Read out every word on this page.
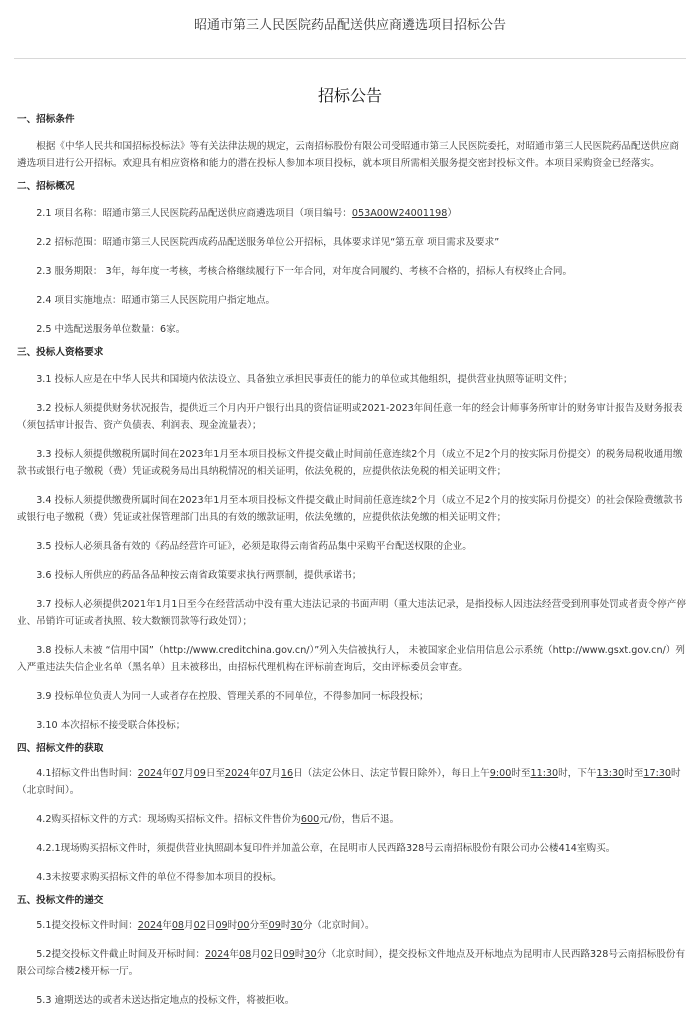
昭通市第三人民医院药品配送供应商遴选项目招标公告
招标公告
一、招标条件
根据《中华人民共和国招标投标法》等有关法律法规的规定，云南招标股份有限公司受昭通市第三人民医院委托，对昭通市第三人民医院药品配送供应商遴选项目进行公开招标。欢迎具有相应资格和能力的潜在投标人参加本项目投标，就本项目所需相关服务提交密封投标文件。本项目采购资金已经落实。
二、招标概况
2.1 项目名称：昭通市第三人民医院药品配送供应商遴选项目（项目编号：053A00W24001198）
2.2 招标范围：昭通市第三人民医院西成药品配送服务单位公开招标，具体要求详见“第五章 项目需求及要求”
2.3 服务期限： 3年，每年度一考核，考核合格继续履行下一年合同，对年度合同履约、考核不合格的，招标人有权终止合同。
2.4 项目实施地点：昭通市第三人民医院用户指定地点。
2.5 中选配送服务单位数量：6家。
三、投标人资格要求
3.1 投标人应是在中华人民共和国境内依法设立、具备独立承担民事责任的能力的单位或其他组织，提供营业执照等证明文件；
3.2 投标人须提供财务状况报告，提供近三个月内开户银行出具的资信证明或2021-2023年间任意一年的经会计师事务所审计的财务审计报告及财务报表（须包括审计报告、资产负债表、利润表、现金流量表）；
3.3 投标人须提供缴税所属时间在2023年1月至本项目投标文件提交截止时间前任意连续2个月（成立不足2个月的按实际月份提交）的税务局税收通用缴款书或银行电子缴税（费）凭证或税务局出具纳税情况的相关证明，依法免税的，应提供依法免税的相关证明文件；
3.4 投标人须提供缴费所属时间在2023年1月至本项目投标文件提交截止时间前任意连续2个月（成立不足2个月的按实际月份提交）的社会保险费缴款书或银行电子缴税（费）凭证或社保管理部门出具的有效的缴款证明，依法免缴的，应提供依法免缴的相关证明文件；
3.5 投标人必须具备有效的《药品经营许可证》，必须是取得云南省药品集中采购平台配送权限的企业。
3.6 投标人所供应的药品各品种按云南省政策要求执行两票制，提供承诺书；
3.7 投标人必须提供2021年1月1日至今在经营活动中没有重大违法记录的书面声明（重大违法记录，是指投标人因违法经营受到刑事处罚或者责令停产停业、吊销许可证或者执照、较大数额罚款等行政处罚）；
3.8 投标人未被 “信用中国”（http://www.creditchina.gov.cn/）”列入失信被执行人， 未被国家企业信用信息公示系统（http://www.gsxt.gov.cn/）列入严重违法失信企业名单（黑名单）且未被移出，由招标代理机构在评标前查询后，交由评标委员会审查。
3.9 投标单位负责人为同一人或者存在控股、管理关系的不同单位，不得参加同一标段投标；
3.10 本次招标不接受联合体投标；
四、招标文件的获取
4.1招标文件出售时间：2024年07月09日至2024年07月16日（法定公休日、法定节假日除外），每日上午9:00时至11:30时，下午13:30时至17:30时（北京时间）。
4.2购买招标文件的方式：现场购买招标文件。招标文件售价为600元/份，售后不退。
4.2.1现场购买招标文件时，须提供营业执照副本复印件并加盖公章，在昆明市人民西路328号云南招标股份有限公司办公楼414室购买。
4.3未按要求购买招标文件的单位不得参加本项目的投标。
五、投标文件的递交
5.1提交投标文件时间：2024年08月02日09时00分至09时30分（北京时间）。
5.2提交投标文件截止时间及开标时间：2024年08月02日09时30分（北京时间），提交投标文件地点及开标地点为昆明市人民西路328号云南招标股份有限公司综合楼2楼开标一厅。
5.3 逾期送达的或者未送达指定地点的投标文件，将被拒收。
